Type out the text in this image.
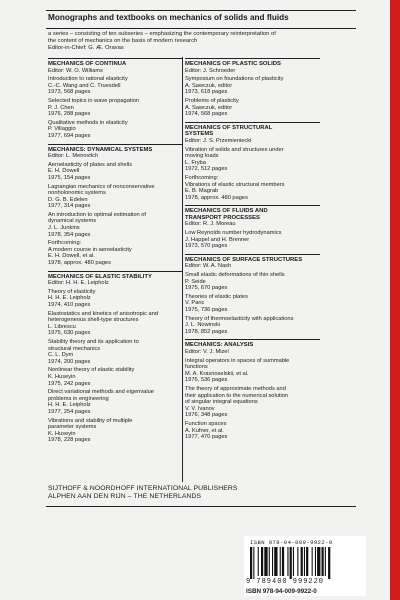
Monographs and textbooks on mechanics of solids and fluids
a series – consisting of ten subseries – emphasizing the contemporary reinterpretation of
the content of mechanics on the basis of modern research
Editor-in-Chief: G. Æ. Oravas
MECHANICS OF CONTINUA
Editor: W. O. Williams
Introduction to rational elasticity
C.-C. Wang and C. Truesdell
1973, 568 pages
Selected topics in wave propagation
P. J. Chen
1976, 288 pages
Qualitative methods in elasticity
P. Villaggio
1977, 694 pages
MECHANICS: DYNAMICAL SYSTEMS
Editor: L. Meirovitch
Aeroelasticity of plates and shells
E. H. Dowell
1975, 154 pages
Lagrangian mechanics of nonconservative
nonholonomic systems
D. G. B. Edelen
1977, 314 pages
An introduction to optimal estimation of
dynamical systems
J. L. Junkins
1978, 354 pages
Forthcoming:
A modern course in aeroelasticity
E. H. Dowell, et al.
1978, approx. 480 pages
MECHANICS OF ELASTIC STABILITY
Editor: H. H. E. Leipholz
Theory of elasticity
H. H. E. Leipholz
1974, 410 pages
Elastostatics and kinetics of anisotropic and
heterogeneous shell-type structures
L. Librescu
1975, 630 pages
Stability theory and its application to
structural mechanics
C. L. Dym
1974, 200 pages
Nonlinear theory of elastic stability
K. Huseyin
1975, 242 pages
Direct variational methods and eigenvalue
problems in engineering
H. H. E. Leipholz
1977, 254 pages
Vibrations and stability of multiple
parameter systems
K. Huseyin
1978, 228 pages
MECHANICS OF PLASTIC SOLIDS
Editor: J. Schroeder
Symposium on foundations of plasticity
A. Sawczuk, editor
1973, 618 pages
Problems of plasticity
A. Sawczuk, editor
1974, 568 pages
MECHANICS OF STRUCTURAL
SYSTEMS
Editor: J. S. Przemieniecki
Vibration of solids and structures under
moving loads
L. Fryba
1972, 512 pages
Forthcoming:
Vibrations of elastic structural members
E. B. Magrab
1978, approx. 480 pages
MECHANICS OF FLUIDS AND
TRANSPORT PROCESSES
Editor: R. J. Moreau
Low Reynolds number hydrodynamics
J. Happel and H. Brenner
1973, 570 pages
MECHANICS OF SURFACE STRUCTURES
Editor: W. A. Nash
Small elastic deformations of thin shells
P. Seide
1975, 670 pages
Theories of elastic plates
V. Panc
1975, 736 pages
Theory of thermoelasticity with applications
J. L. Nowinski
1978, 852 pages
MECHANICS: ANALYSIS
Editor: V. J. Mizel
Integral operators in spaces of summable
functions
M. A. Krasnoselskii, et al.
1976, 536 pages
The theory of approximate methods and
their application to the numerical solution
of singular integral equations
V. V. Ivanov
1976, 348 pages
Function spaces
A. Kufner, et al.
1977, 470 pages
SIJTHOFF & NOORDHOFF INTERNATIONAL PUBLISHERS
ALPHEN AAN DEN RIJN – THE NETHERLANDS
ISBN 978-94-009-9922-0
9 789400 999220
ISBN 978-94-009-9922-0
